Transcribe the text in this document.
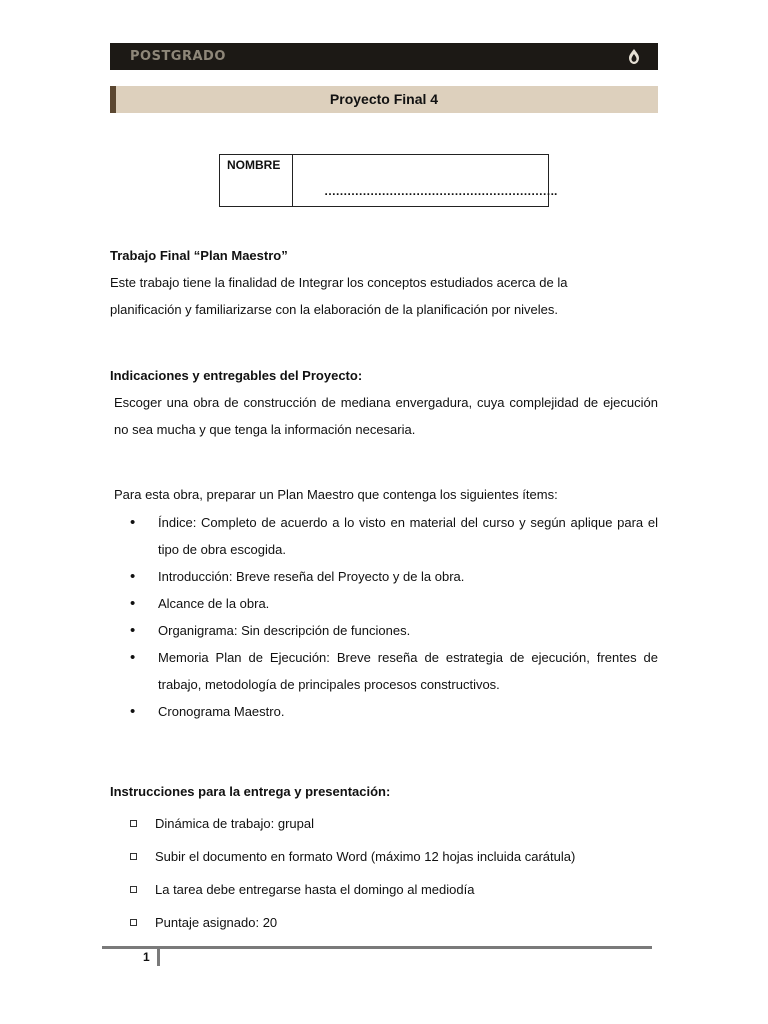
POSTGRADO
Proyecto Final 4
NOMBRE
…………………………………………………….
Trabajo Final “Plan Maestro”
Este trabajo tiene la finalidad de Integrar los conceptos estudiados acerca de la
planificación y familiarizarse con la elaboración de la planificación por niveles.
Indicaciones y entregables del Proyecto:
Escoger una obra de construcción de mediana envergadura, cuya complejidad de ejecución no sea mucha y que tenga la información necesaria.
Para esta obra, preparar un Plan Maestro que contenga los siguientes ítems:
•	Índice: Completo de acuerdo a lo visto en material del curso y según aplique para el tipo de obra escogida.
•	Introducción: Breve reseña del Proyecto y de la obra.
•	Alcance de la obra.
•	Organigrama: Sin descripción de funciones.
•	Memoria Plan de Ejecución: Breve reseña de estrategia de ejecución, frentes de trabajo, metodología de principales procesos constructivos.
•	Cronograma Maestro.
Instrucciones para la entrega y presentación:
Dinámica de trabajo: grupal
Subir el documento en formato Word (máximo 12 hojas incluida carátula)
La tarea debe entregarse hasta el domingo al mediodía
Puntaje asignado: 20
1
